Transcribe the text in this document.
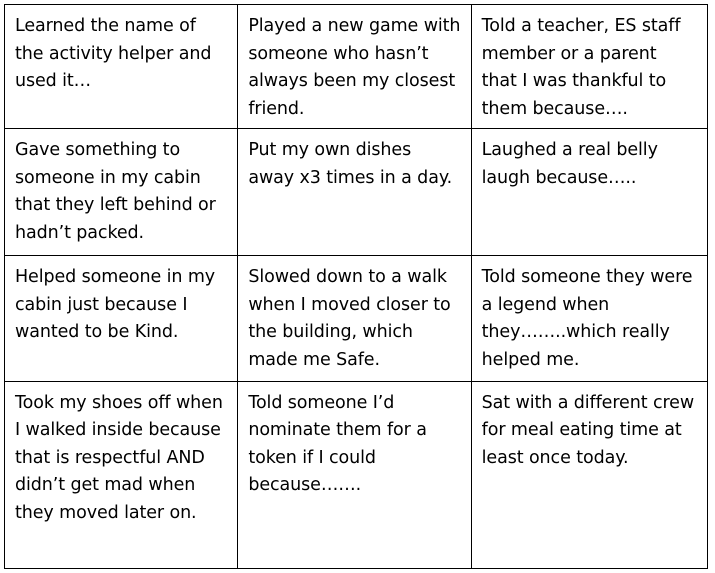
Learned the name of the activity helper and used it…	Played a new game with someone who hasn’t always been my closest friend.	Told a teacher, ES staff member or a parent that I was thankful to them because….
Gave something to someone in my cabin that they left behind or hadn’t packed.	Put my own dishes away x3 times in a day.	Laughed a real belly laugh because…..
Helped someone in my cabin just because I wanted to be Kind.	Slowed down to a walk when I moved closer to the building, which made me Safe.	Told someone they were a legend when they……..which really helped me.
Took my shoes off when I walked inside because that is respectful AND didn’t get mad when they moved later on.	Told someone I’d nominate them for a token if I could because…….	Sat with a different crew for meal eating time at least once today.
